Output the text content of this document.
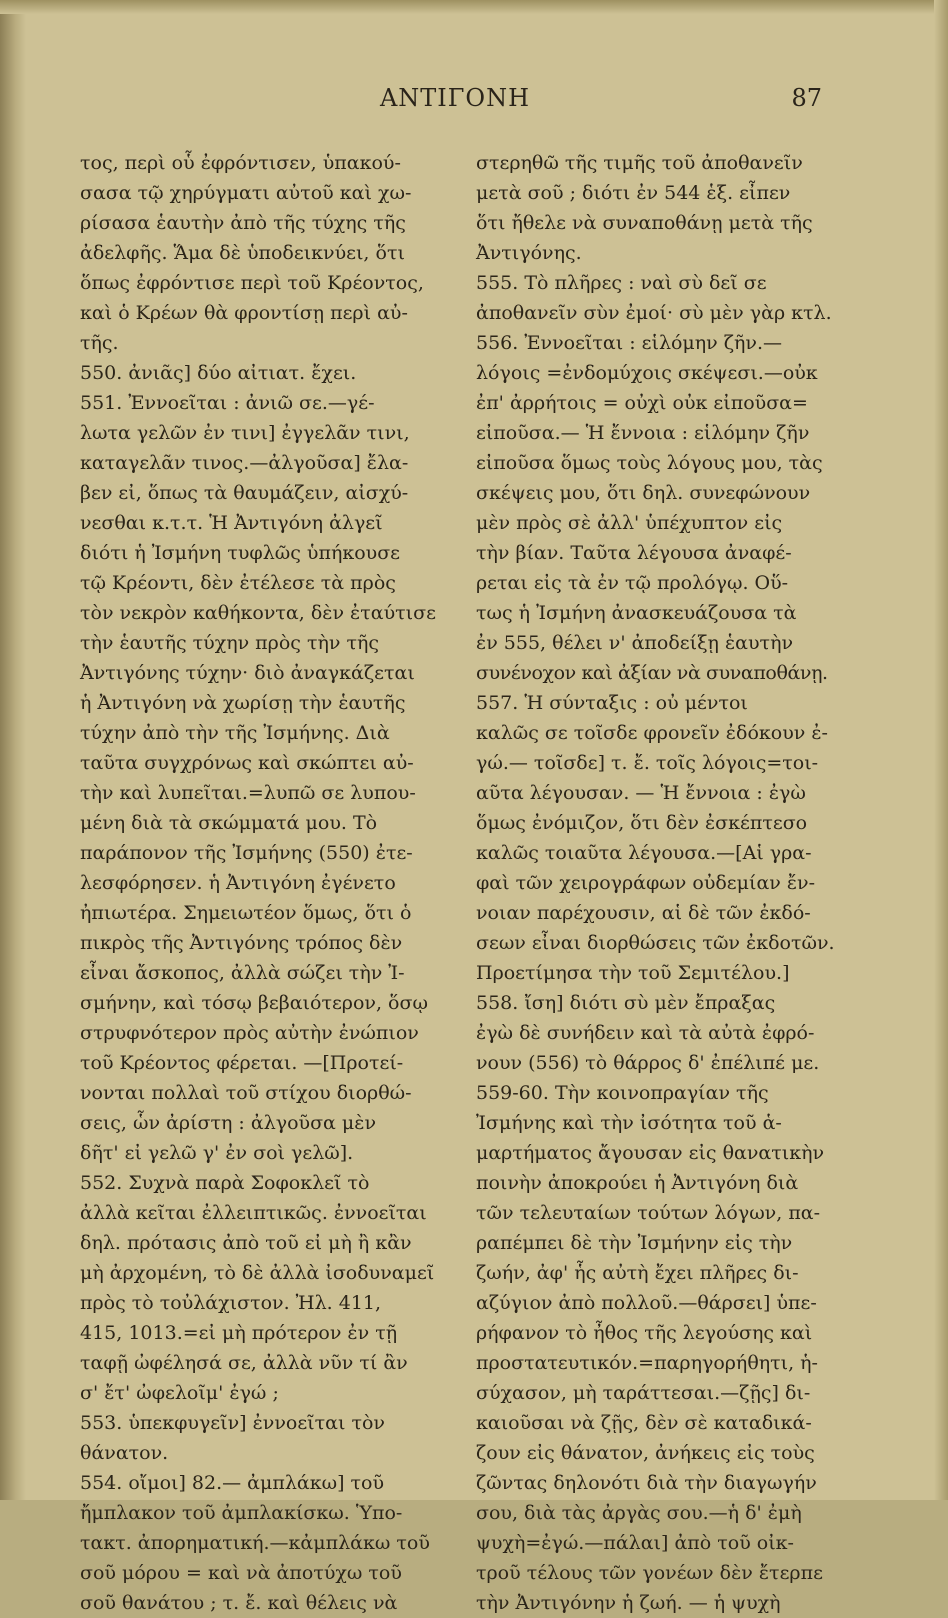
ΑΝΤΙΓΟΝΗ	87
τος, περὶ οὗ ἐφρόντισεν, ὑπακού-
σασα τῷ χηρύγματι αὐτοῦ καὶ χω-
ρίσασα ἑαυτὴν ἀπὸ τῆς τύχης τῆς
ἀδελφῆς. Ἅμα δὲ ὑποδεικνύει, ὅτι
ὅπως ἐφρόντισε περὶ τοῦ Κρέοντος,
καὶ ὁ Κρέων θὰ φροντίσῃ περὶ αὐ-
τῆς.
550. ἀνιᾶς] δύο αἰτιατ. ἔχει.
551. Ἐννοεῖται : ἀνιῶ σε.—γέ-
λωτα γελῶν ἐν τινι] ἐγγελᾶν τινι,
καταγελᾶν τινος.—ἀλγοῦσα] ἔλα-
βεν εἰ, ὅπως τὰ θαυμάζειν, αἰσχύ-
νεσθαι κ.τ.τ. Ἡ Ἀντιγόνη ἀλγεῖ
διότι ἡ Ἰσμήνη τυφλῶς ὑπήκουσε
τῷ Κρέοντι, δὲν ἐτέλεσε τὰ πρὸς
τὸν νεκρὸν καθήκοντα, δὲν ἐταύτισε
τὴν ἑαυτῆς τύχην πρὸς τὴν τῆς
Ἀντιγόνης τύχην· διὸ ἀναγκάζεται
ἡ Ἀντιγόνη νὰ χωρίσῃ τὴν ἑαυτῆς
τύχην ἀπὸ τὴν τῆς Ἰσμήνης. Διὰ
ταῦτα συγχρόνως καὶ σκώπτει αὐ-
τὴν καὶ λυπεῖται.=λυπῶ σε λυπου-
μένη διὰ τὰ σκώμματά μου. Τὸ
παράπονον τῆς Ἰσμήνης (550) ἐτε-
λεσφόρησεν. ἡ Ἀντιγόνη ἐγένετο
ἠπιωτέρα. Σημειωτέον ὅμως, ὅτι ὁ
πικρὸς τῆς Ἀντιγόνης τρόπος δὲν
εἶναι ἄσκοπος, ἀλλὰ σώζει τὴν Ἰ-
σμήνην, καὶ τόσῳ βεβαιότερον, ὅσῳ
στρυφνότερον πρὸς αὐτὴν ἐνώπιον
τοῦ Κρέοντος φέρεται. —[Προτεί-
νονται πολλαὶ τοῦ στίχου διορθώ-
σεις, ὧν ἀρίστη : ἀλγοῦσα μὲν
δῆτ' εἰ γελῶ γ' ἐν σοὶ γελῶ].
552. Συχνὰ παρὰ Σοφοκλεῖ τὸ
ἀλλὰ κεῖται ἐλλειπτικῶς. ἐννοεῖται
δηλ. πρότασις ἀπὸ τοῦ εἰ μὴ ἢ κἂν
μὴ ἀρχομένη, τὸ δὲ ἀλλὰ ἰσοδυναμεῖ
πρὸς τὸ τοὐλάχιστον. Ἠλ. 411,
415, 1013.=εἰ μὴ πρότερον ἐν τῇ
ταφῇ ὠφέλησά σε, ἀλλὰ νῦν τί ἂν
σ' ἔτ' ὠφελοῖμ' ἐγώ ;
553. ὑπεκφυγεῖν] ἐννοεῖται τὸν
θάνατον.
554. οἴμοι] 82.— ἀμπλάκω] τοῦ
ἤμπλακον τοῦ ἀμπλακίσκω. Ὑπο-
τακτ. ἀπορηματική.—κἀμπλάκω τοῦ
σοῦ μόρου = καὶ νὰ ἀποτύχω τοῦ
σοῦ θανάτου ; τ. ἔ. καὶ θέλεις νὰ
στερηθῶ τῆς τιμῆς τοῦ ἀποθανεῖν
μετὰ σοῦ ; διότι ἐν 544 ἑξ. εἶπεν
ὅτι ἤθελε νὰ συναποθάνῃ μετὰ τῆς
Ἀντιγόνης.
555. Τὸ πλῆρες : ναὶ σὺ δεῖ σε
ἀποθανεῖν σὺν ἐμοί· σὺ μὲν γὰρ κτλ.
556. Ἐννοεῖται : εἱλόμην ζῆν.—
λόγοις =ἐνδομύχοις σκέψεσι.—οὐκ
ἐπ' ἀρρήτοις = οὐχὶ οὐκ εἰποῦσα=
εἰποῦσα.— Ἡ ἔννοια : εἱλόμην ζῆν
εἰποῦσα ὅμως τοὺς λόγους μου, τὰς
σκέψεις μου, ὅτι δηλ. συνεφώνουν
μὲν πρὸς σὲ ἀλλ' ὑπέχυπτον εἰς
τὴν βίαν. Ταῦτα λέγουσα ἀναφέ-
ρεται εἰς τὰ ἐν τῷ προλόγῳ. Οὕ-
τως ἡ Ἰσμήνη ἀνασκευάζουσα τὰ
ἐν 555, θέλει ν' ἀποδείξῃ ἑαυτὴν
συνένοχον καὶ ἀξίαν νὰ συναποθάνῃ.
557. Ἡ σύνταξις : οὐ μέντοι
καλῶς σε τοῖσδε φρονεῖν ἐδόκουν ἐ-
γώ.— τοῖσδε] τ. ἔ. τοῖς λόγοις=τοι-
αῦτα λέγουσαν. — Ἡ ἔννοια : ἐγὼ
ὅμως ἐνόμιζον, ὅτι δὲν ἐσκέπτεσο
καλῶς τοιαῦτα λέγουσα.—[Αἱ γρα-
φαὶ τῶν χειρογράφων οὐδεμίαν ἔν-
νοιαν παρέχουσιν, αἱ δὲ τῶν ἐκδό-
σεων εἶναι διορθώσεις τῶν ἐκδοτῶν.
Προετίμησα τὴν τοῦ Σεμιτέλου.]
558. ἴση] διότι σὺ μὲν ἔπραξας
ἐγὼ δὲ συνήδειν καὶ τὰ αὐτὰ ἐφρό-
νουν (556) τὸ θάρρος δ' ἐπέλιπέ με.
559-60. Τὴν κοινοπραγίαν τῆς
Ἰσμήνης καὶ τὴν ἰσότητα τοῦ ἁ-
μαρτήματος ἄγουσαν εἰς θανατικὴν
ποινὴν ἀποκρούει ἡ Ἀντιγόνη διὰ
τῶν τελευταίων τούτων λόγων, πα-
ραπέμπει δὲ τὴν Ἰσμήνην εἰς τὴν
ζωήν, ἀφ' ἧς αὐτὴ ἔχει πλῆρες δι-
αζύγιον ἀπὸ πολλοῦ.—θάρσει] ὑπε-
ρήφανον τὸ ἦθος τῆς λεγούσης καὶ
προστατευτικόν.=παρηγορήθητι, ἡ-
σύχασον, μὴ ταράττεσαι.—ζῇς] δι-
καιοῦσαι νὰ ζῇς, δὲν σὲ καταδικά-
ζουν εἰς θάνατον, ἀνήκεις εἰς τοὺς
ζῶντας δηλονότι διὰ τὴν διαγωγήν
σου, διὰ τὰς ἀργὰς σου.—ἡ δ' ἐμὴ
ψυχὴ=ἐγώ.—πάλαι] ἀπὸ τοῦ οἰκ-
τροῦ τέλους τῶν γονέων δὲν ἔτερπε
τὴν Ἀντιγόνην ἡ ζωή. — ἡ ψυχὴ
